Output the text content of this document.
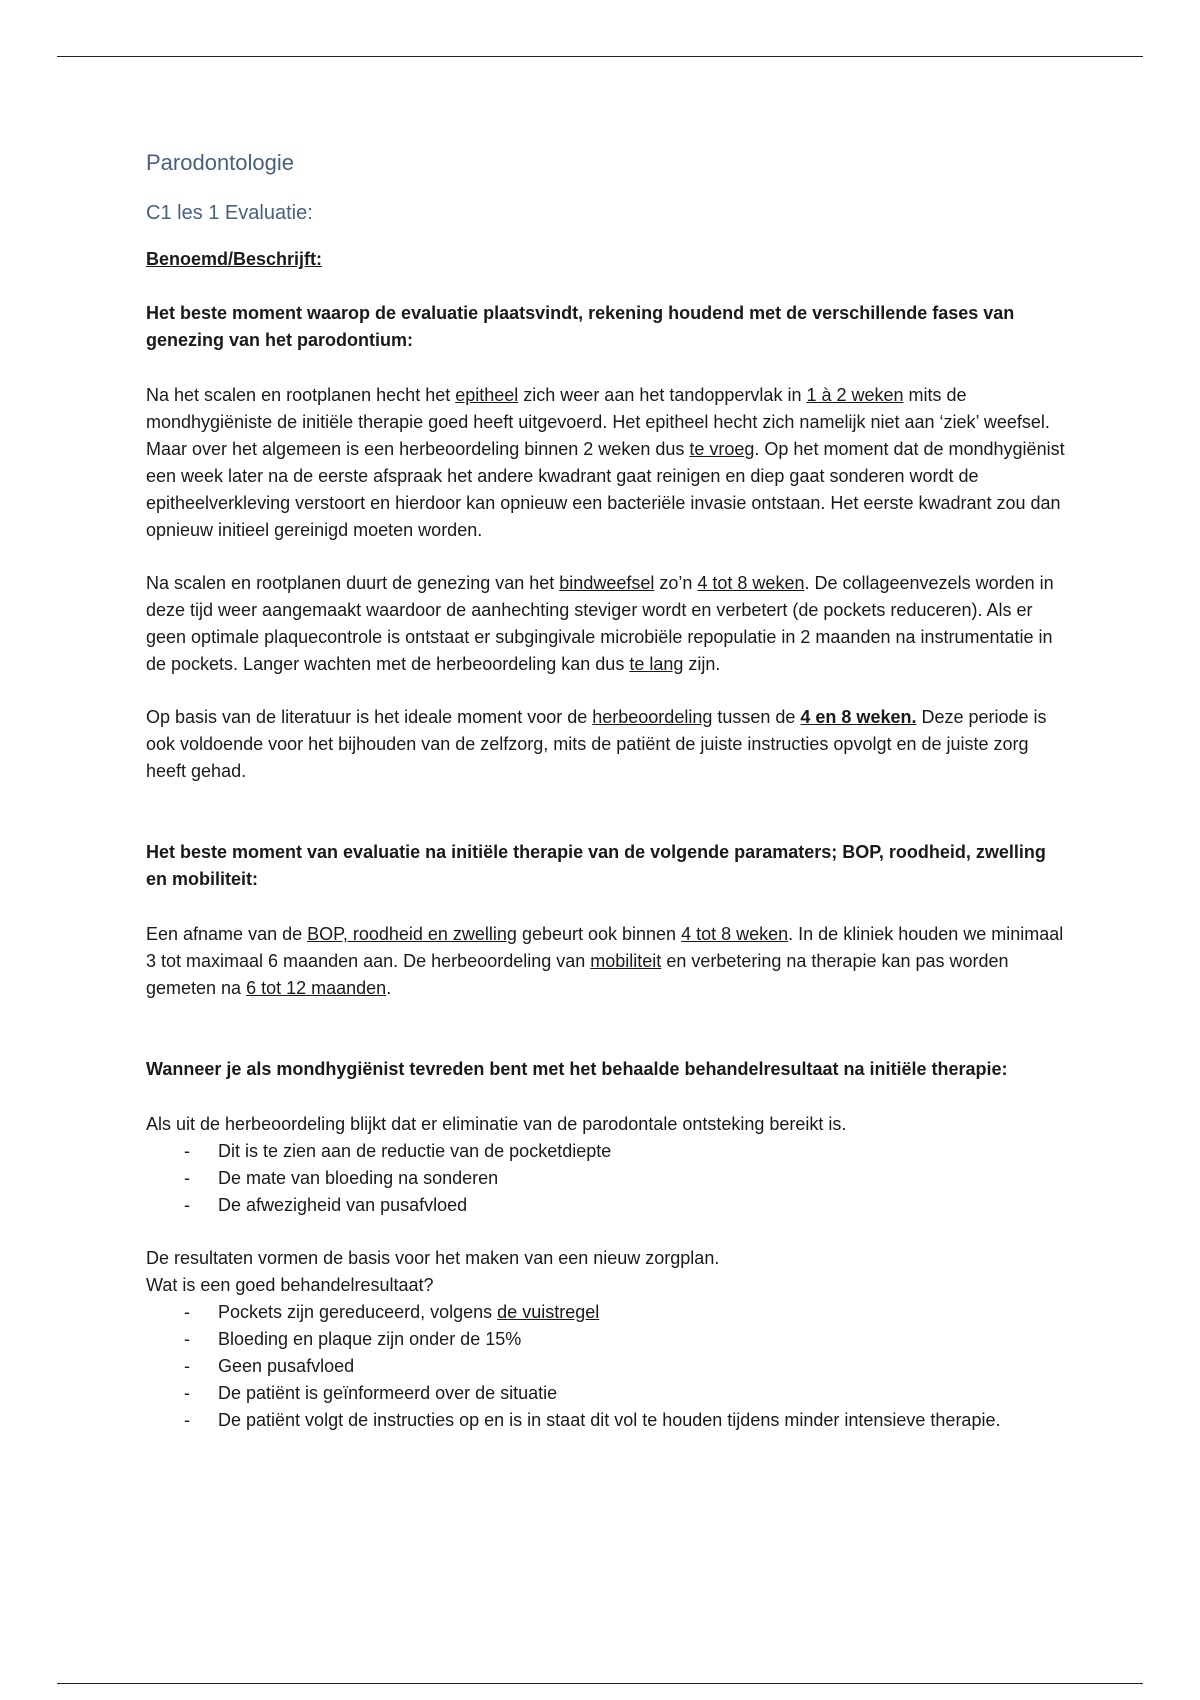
Parodontologie
C1 les 1 Evaluatie:
Benoemd/Beschrijft:
Het beste moment waarop de evaluatie plaatsvindt, rekening houdend met de verschillende fases van genezing van het parodontium:

Na het scalen en rootplanen hecht het epitheel zich weer aan het tandoppervlak in 1 à 2 weken mits de mondhygiëniste de initiële therapie goed heeft uitgevoerd. Het epitheel hecht zich namelijk niet aan ‘ziek’ weefsel. Maar over het algemeen is een herbeoordeling binnen 2 weken dus te vroeg. Op het moment dat de mondhygiënist een week later na de eerste afspraak het andere kwadrant gaat reinigen en diep gaat sonderen wordt de epitheelverkleving verstoort en hierdoor kan opnieuw een bacteriële invasie ontstaan. Het eerste kwadrant zou dan opnieuw initieel gereinigd moeten worden.

Na scalen en rootplanen duurt de genezing van het bindweefsel zo’n 4 tot 8 weken. De collageenvezels worden in deze tijd weer aangemaakt waardoor de aanhechting steviger wordt en verbetert (de pockets reduceren). Als er geen optimale plaquecontrole is ontstaat er subgingivale microbiële repopulatie in 2 maanden na instrumentatie in de pockets. Langer wachten met de herbeoordeling kan dus te lang zijn.

Op basis van de literatuur is het ideale moment voor de herbeoordeling tussen de 4 en 8 weken. Deze periode is ook voldoende voor het bijhouden van de zelfzorg, mits de patiënt de juiste instructies opvolgt en de juiste zorg heeft gehad.

Het beste moment van evaluatie na initiële therapie van de volgende paramaters; BOP, roodheid, zwelling en mobiliteit:

Een afname van de BOP, roodheid en zwelling gebeurt ook binnen 4 tot 8 weken. In de kliniek houden we minimaal 3 tot maximaal 6 maanden aan. De herbeoordeling van mobiliteit en verbetering na therapie kan pas worden gemeten na 6 tot 12 maanden.

Wanneer je als mondhygiënist tevreden bent met het behaalde behandelresultaat na initiële therapie:

Als uit de herbeoordeling blijkt dat er eliminatie van de parodontale ontsteking bereikt is.

- Dit is te zien aan de reductie van de pocketdiepte
- De mate van bloeding na sonderen
- De afwezigheid van pusafvloed

De resultaten vormen de basis voor het maken van een nieuw zorgplan.

Wat is een goed behandelresultaat?

- Pockets zijn gereduceerd, volgens de vuistregel
- Bloeding en plaque zijn onder de 15%
- Geen pusafvloed
- De patiënt is geïnformeerd over de situatie
- De patiënt volgt de instructies op en is in staat dit vol te houden tijdens minder intensieve therapie.
